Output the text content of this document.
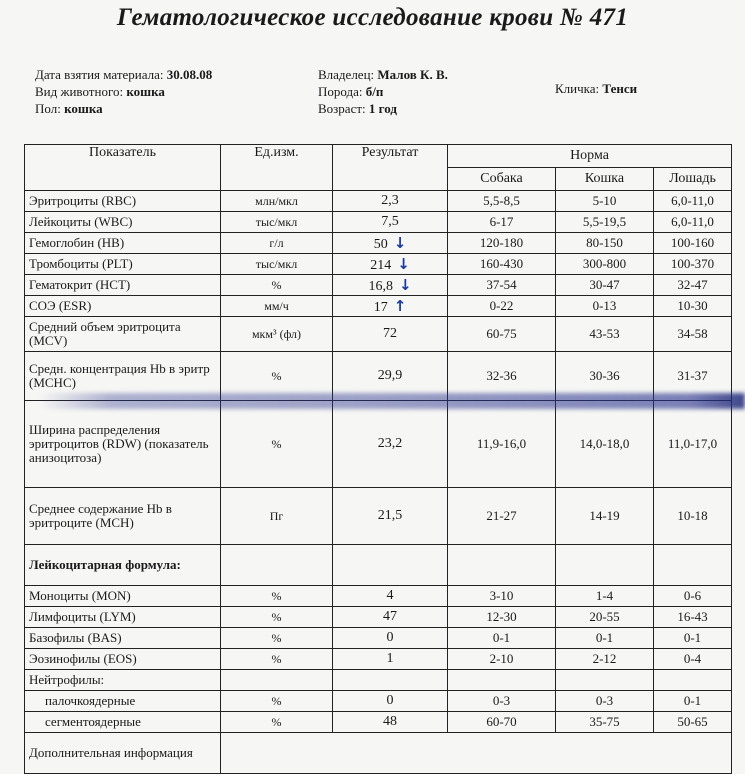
Гематологическое исследование крови № 471
Дата взятия материала: 30.08.08
Вид животного: кошка
Пол: кошка
Владелец: Малов К. В.
Порода: б/п
Возраст: 1 год
Кличка: Тенси
Показатель	Ед.изм.	Результат	Норма		
			Собака	Кошка	Лошадь
Эритроциты (RBC)	млн/мкл	2,3	5,5-8,5	5-10	6,0-11,0
Лейкоциты (WBC)	тыс/мкл	7,5	6-17	5,5-19,5	6,0-11,0
Гемоглобин (HB)	г/л	50 ↓	120-180	80-150	100-160
Тромбоциты (PLT)	тыс/мкл	214 ↓	160-430	300-800	100-370
Гематокрит (HCT)	%	16,8 ↓	37-54	30-47	32-47
СОЭ (ESR)	мм/ч	17 ↑	0-22	0-13	10-30
Средний объем эритроцита (MCV)	мкм³ (фл)	72	60-75	43-53	34-58
Средн. концентрация Hb в эритр (MCHC)	%	29,9	32-36	30-36	31-37
Ширина распределения эритроцитов (RDW) (показатель анизоцитоза)	%	23,2	11,9-16,0	14,0-18,0	11,0-17,0
Среднее содержание Hb в эритроците (MCH)	Пг	21,5	21-27	14-19	10-18
Лейкоцитарная формула:					
Моноциты (MON)	%	4	3-10	1-4	0-6
Лимфоциты (LYM)	%	47	12-30	20-55	16-43
Базофилы (BAS)	%	0	0-1	0-1	0-1
Эозинофилы (EOS)	%	1	2-10	2-12	0-4
Нейтрофилы:					
палочкоядерные	%	0	0-3	0-3	0-1
сегментоядерные	%	48	60-70	35-75	50-65
Дополнительная информация					
